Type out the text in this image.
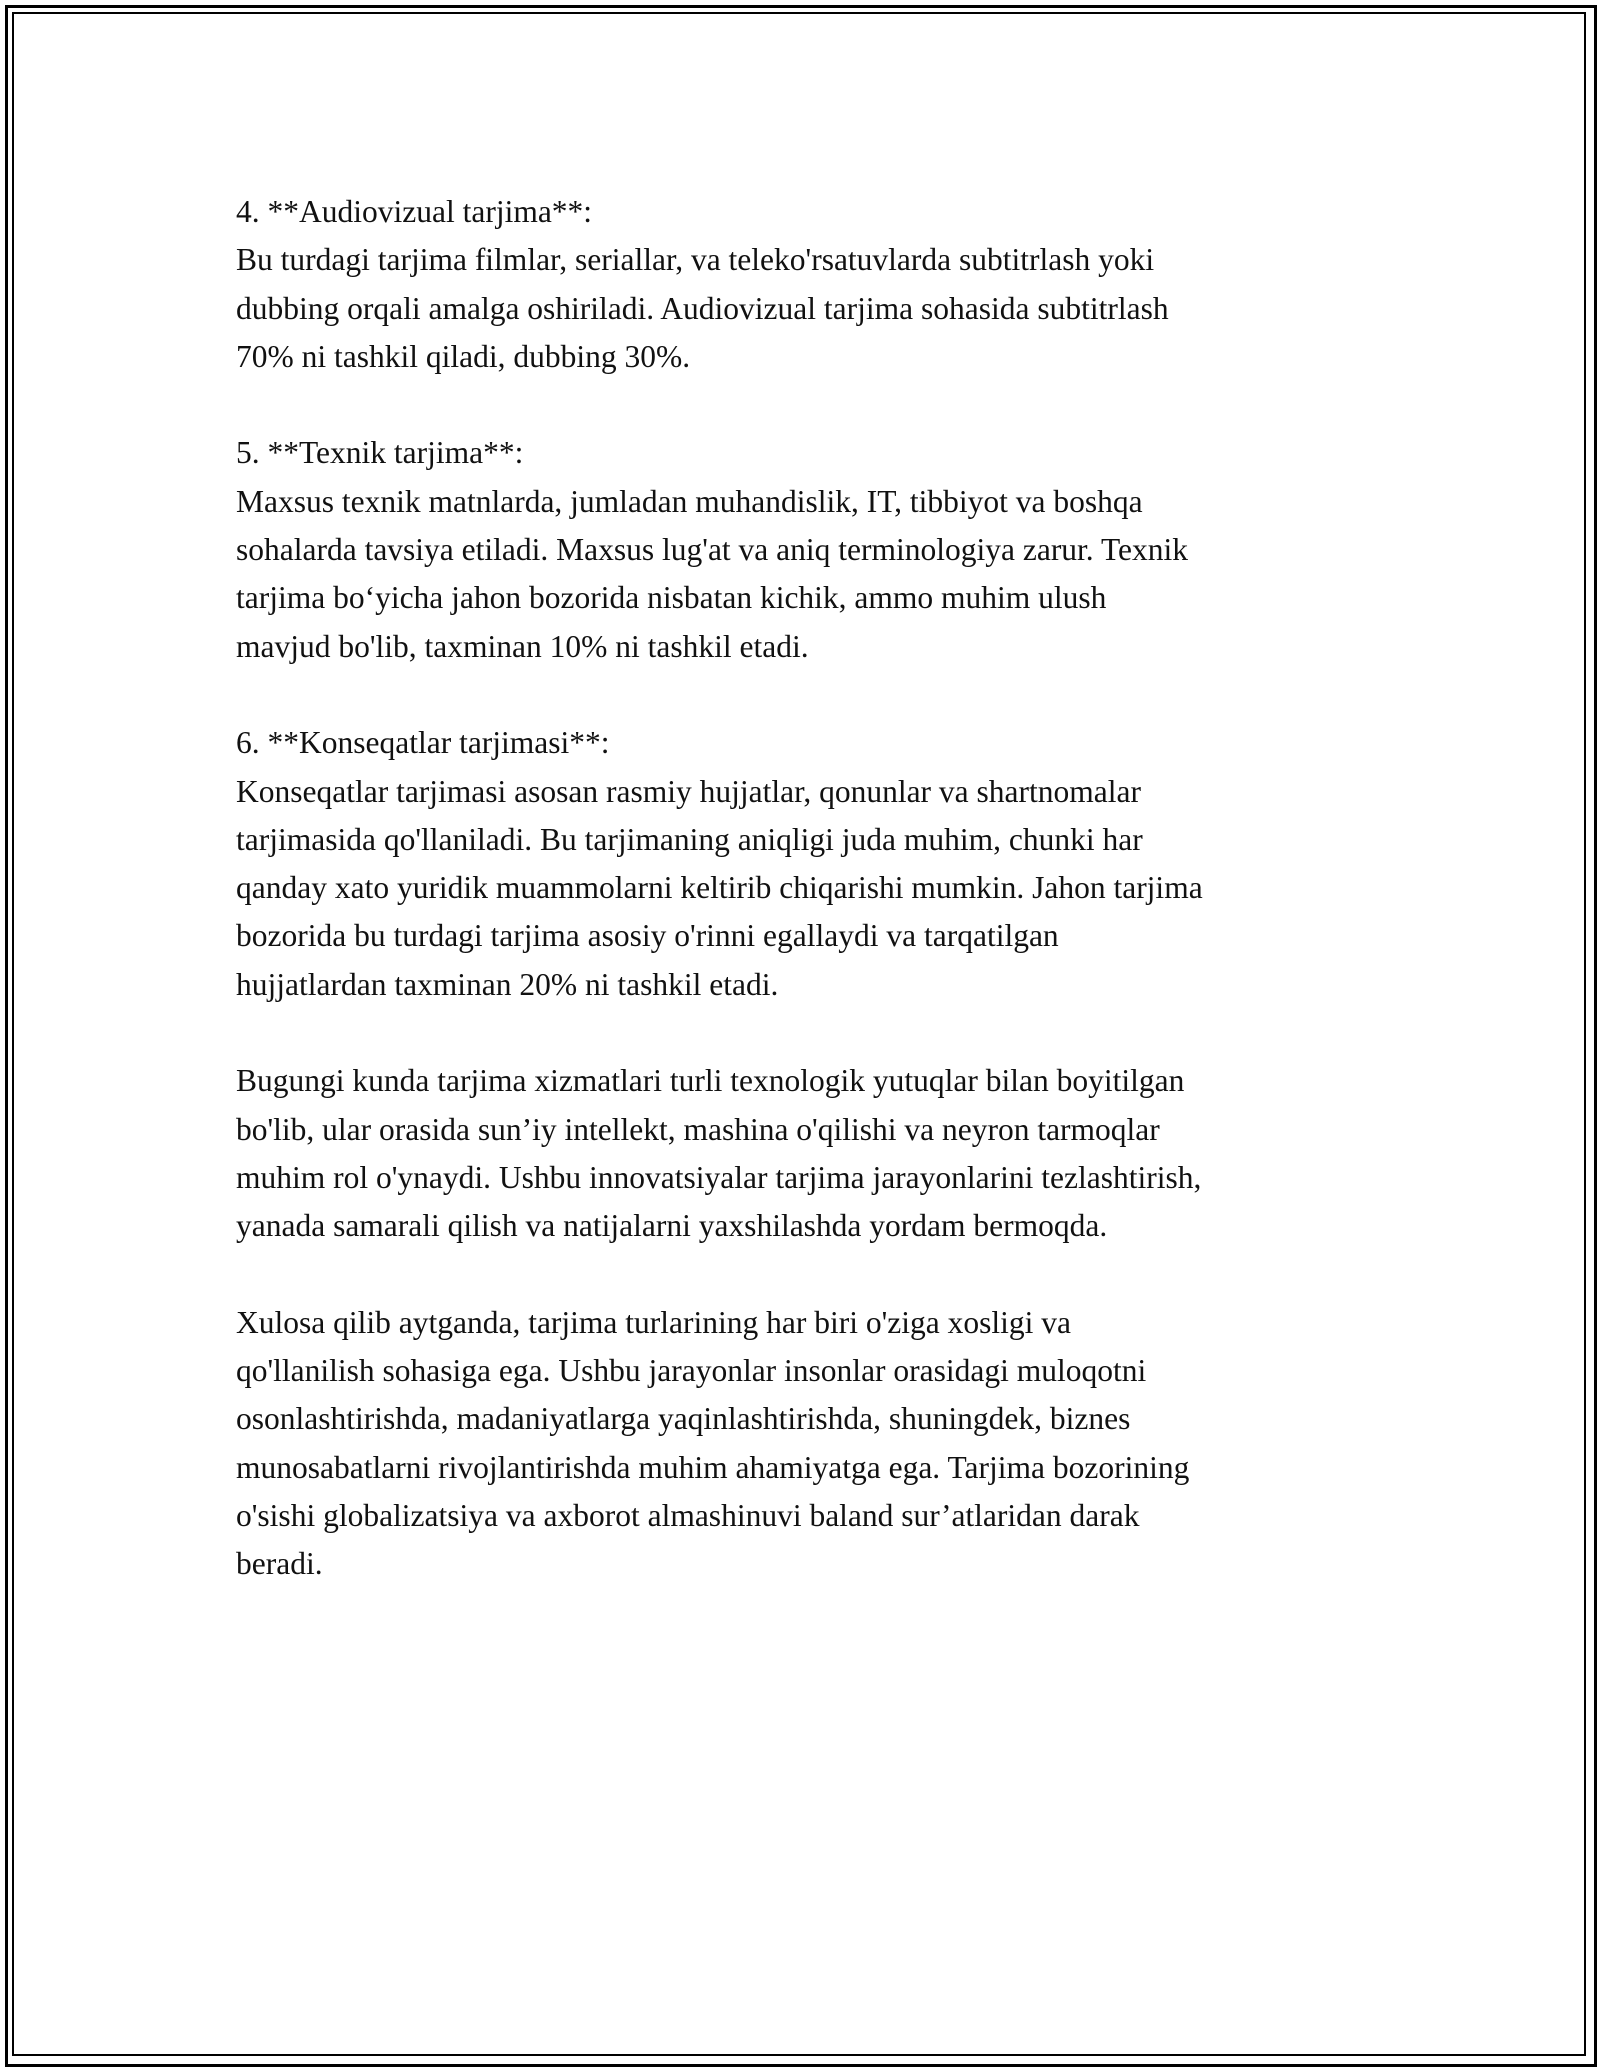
4. **Audiovizual tarjima**:
Bu turdagi tarjima filmlar, seriallar, va teleko'rsatuvlarda subtitrlash yoki
dubbing orqali amalga oshiriladi. Audiovizual tarjima sohasida subtitrlash
70% ni tashkil qiladi, dubbing 30%.
5. **Texnik tarjima**:
Maxsus texnik matnlarda, jumladan muhandislik, IT, tibbiyot va boshqa
sohalarda tavsiya etiladi. Maxsus lug'at va aniq terminologiya zarur. Texnik
tarjima bo‘yicha jahon bozorida nisbatan kichik, ammo muhim ulush
mavjud bo'lib, taxminan 10% ni tashkil etadi.
6. **Konseqatlar tarjimasi**:
Konseqatlar tarjimasi asosan rasmiy hujjatlar, qonunlar va shartnomalar
tarjimasida qo'llaniladi. Bu tarjimaning aniqligi juda muhim, chunki har
qanday xato yuridik muammolarni keltirib chiqarishi mumkin. Jahon tarjima
bozorida bu turdagi tarjima asosiy o'rinni egallaydi va tarqatilgan
hujjatlardan taxminan 20% ni tashkil etadi.
Bugungi kunda tarjima xizmatlari turli texnologik yutuqlar bilan boyitilgan
bo'lib, ular orasida sun’iy intellekt, mashina o'qilishi va neyron tarmoqlar
muhim rol o'ynaydi. Ushbu innovatsiyalar tarjima jarayonlarini tezlashtirish,
yanada samarali qilish va natijalarni yaxshilashda yordam bermoqda.
Xulosa qilib aytganda, tarjima turlarining har biri o'ziga xosligi va
qo'llanilish sohasiga ega. Ushbu jarayonlar insonlar orasidagi muloqotni
osonlashtirishda, madaniyatlarga yaqinlashtirishda, shuningdek, biznes
munosabatlarni rivojlantirishda muhim ahamiyatga ega. Tarjima bozorining
o'sishi globalizatsiya va axborot almashinuvi baland sur’atlaridan darak
beradi.
